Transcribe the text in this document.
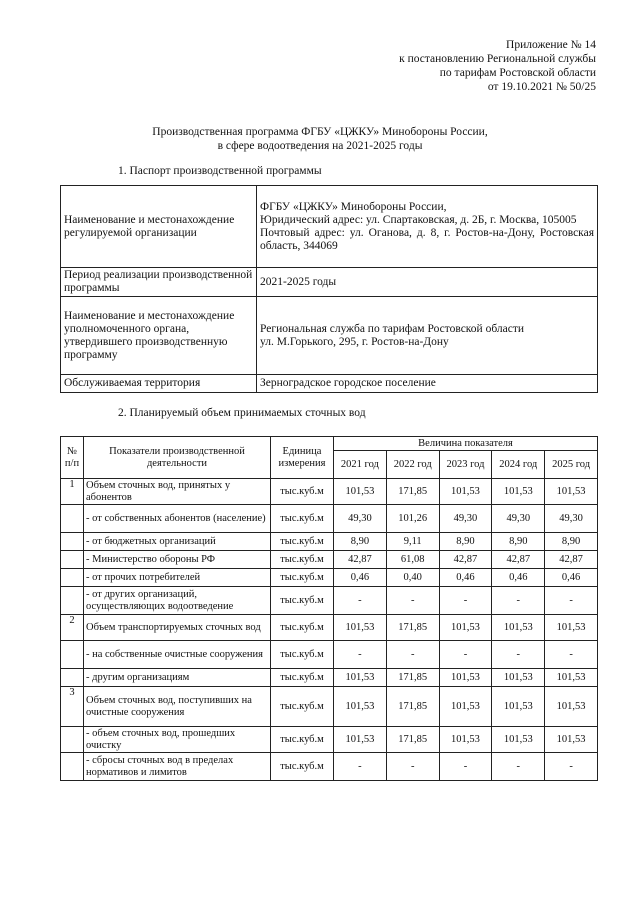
Приложение № 14
к постановлению Региональной службы
по тарифам Ростовской области
от 19.10.2021 № 50/25
Производственная программа ФГБУ «ЦЖКУ» Минобороны России,
в сфере водоотведения на 2021-2025 годы
1. Паспорт производственной программы
Наименование и местонахождение регулируемой организации	ФГБУ «ЦЖКУ» Минобороны России,
Юридический адрес: ул. Спартаковская, д. 2Б, г. Москва, 105005
Почтовый адрес: ул. Оганова, д. 8, г. Ростов-на-Дону, Ростовская область, 344069

Период реализации производственной программы	2021-2025 годы

Наименование и местонахождение уполномоченного органа, утвердившего производственную программу	Региональная служба по тарифам Ростовской области
ул. М.Горького, 295, г. Ростов-на-Дону

Обслуживаемая территория	Зерноградское городское поселение
2. Планируемый объем принимаемых сточных вод
№ п/п	Показатели производственной деятельности	Единица измерения	Величина показателя				
			2021 год	2022 год	2023 год	2024 год	2025 год
1	Объем сточных вод, принятых у абонентов	тыс.куб.м	101,53	171,85	101,53	101,53	101,53
	- от собственных абонентов (население)	тыс.куб.м	49,30	101,26	49,30	49,30	49,30
	- от бюджетных организаций	тыс.куб.м	8,90	9,11	8,90	8,90	8,90
	- Министерство обороны РФ	тыс.куб.м	42,87	61,08	42,87	42,87	42,87
	- от прочих потребителей	тыс.куб.м	0,46	0,40	0,46	0,46	0,46
	- от других организаций, осуществляющих водоотведение	тыс.куб.м	-	-	-	-	-
2	Объем транспортируемых сточных вод	тыс.куб.м	101,53	171,85	101,53	101,53	101,53
	- на собственные очистные сооружения	тыс.куб.м	-	-	-	-	-
	- другим организациям	тыс.куб.м	101,53	171,85	101,53	101,53	101,53
3	Объем сточных вод, поступивших на очистные сооружения	тыс.куб.м	101,53	171,85	101,53	101,53	101,53
	- объем сточных вод, прошедших очистку	тыс.куб.м	101,53	171,85	101,53	101,53	101,53
	- сбросы сточных вод в пределах нормативов и лимитов	тыс.куб.м	-	-	-	-	-
